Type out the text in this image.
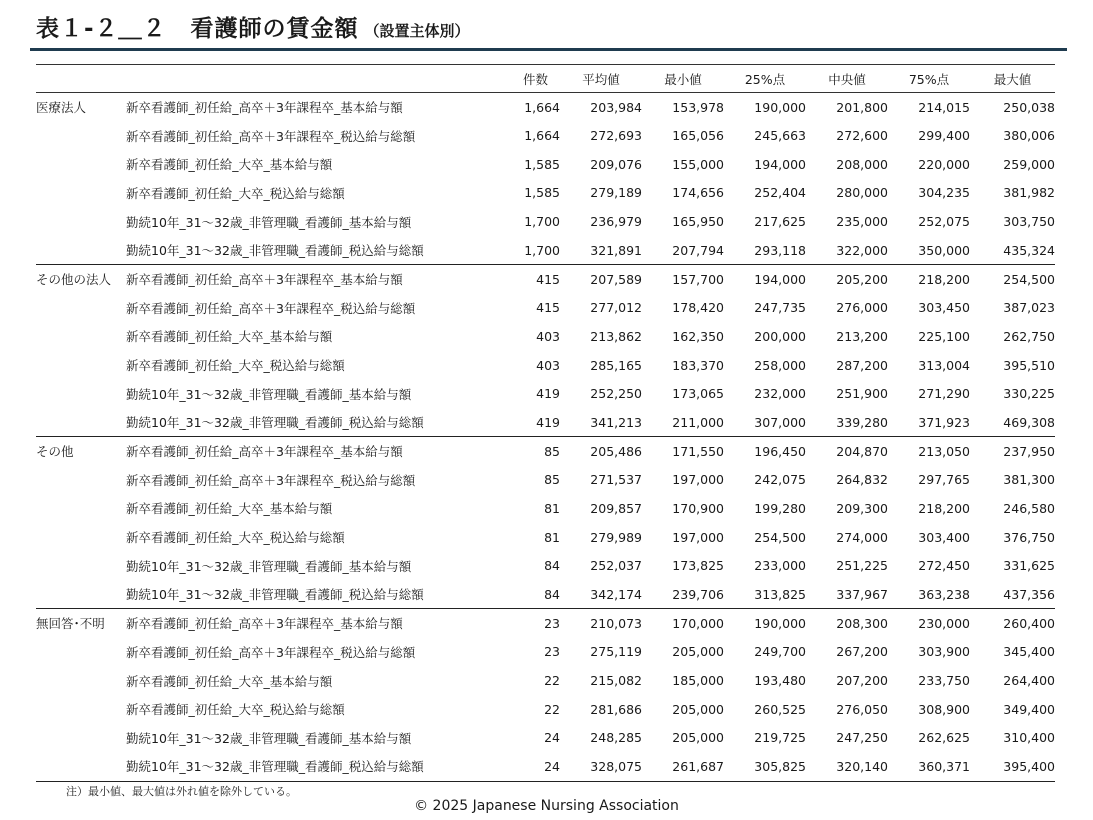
表１-２＿２　看護師の賃金額 （設置主体別）
		件数	平均値	最小値	25%点	中央値	75%点	最大値
医療法人	新卒看護師_初任給_高卒＋3年課程卒_基本給与額	1,664	203,984	153,978	190,000	201,800	214,015	250,038
	新卒看護師_初任給_高卒＋3年課程卒_税込給与総額	1,664	272,693	165,056	245,663	272,600	299,400	380,006
	新卒看護師_初任給_大卒_基本給与額	1,585	209,076	155,000	194,000	208,000	220,000	259,000
	新卒看護師_初任給_大卒_税込給与総額	1,585	279,189	174,656	252,404	280,000	304,235	381,982
	勤続10年_31～32歳_非管理職_看護師_基本給与額	1,700	236,979	165,950	217,625	235,000	252,075	303,750
	勤続10年_31～32歳_非管理職_看護師_税込給与総額	1,700	321,891	207,794	293,118	322,000	350,000	435,324
その他の法人	新卒看護師_初任給_高卒＋3年課程卒_基本給与額	415	207,589	157,700	194,000	205,200	218,200	254,500
	新卒看護師_初任給_高卒＋3年課程卒_税込給与総額	415	277,012	178,420	247,735	276,000	303,450	387,023
	新卒看護師_初任給_大卒_基本給与額	403	213,862	162,350	200,000	213,200	225,100	262,750
	新卒看護師_初任給_大卒_税込給与総額	403	285,165	183,370	258,000	287,200	313,004	395,510
	勤続10年_31～32歳_非管理職_看護師_基本給与額	419	252,250	173,065	232,000	251,900	271,290	330,225
	勤続10年_31～32歳_非管理職_看護師_税込給与総額	419	341,213	211,000	307,000	339,280	371,923	469,308
その他	新卒看護師_初任給_高卒＋3年課程卒_基本給与額	85	205,486	171,550	196,450	204,870	213,050	237,950
	新卒看護師_初任給_高卒＋3年課程卒_税込給与総額	85	271,537	197,000	242,075	264,832	297,765	381,300
	新卒看護師_初任給_大卒_基本給与額	81	209,857	170,900	199,280	209,300	218,200	246,580
	新卒看護師_初任給_大卒_税込給与総額	81	279,989	197,000	254,500	274,000	303,400	376,750
	勤続10年_31～32歳_非管理職_看護師_基本給与額	84	252,037	173,825	233,000	251,225	272,450	331,625
	勤続10年_31～32歳_非管理職_看護師_税込給与総額	84	342,174	239,706	313,825	337,967	363,238	437,356
無回答･不明	新卒看護師_初任給_高卒＋3年課程卒_基本給与額	23	210,073	170,000	190,000	208,300	230,000	260,400
	新卒看護師_初任給_高卒＋3年課程卒_税込給与総額	23	275,119	205,000	249,700	267,200	303,900	345,400
	新卒看護師_初任給_大卒_基本給与額	22	215,082	185,000	193,480	207,200	233,750	264,400
	新卒看護師_初任給_大卒_税込給与総額	22	281,686	205,000	260,525	276,050	308,900	349,400
	勤続10年_31～32歳_非管理職_看護師_基本給与額	24	248,285	205,000	219,725	247,250	262,625	310,400
	勤続10年_31～32歳_非管理職_看護師_税込給与総額	24	328,075	261,687	305,825	320,140	360,371	395,400
注）最小値、最大値は外れ値を除外している。
© 2025 Japanese Nursing Association
